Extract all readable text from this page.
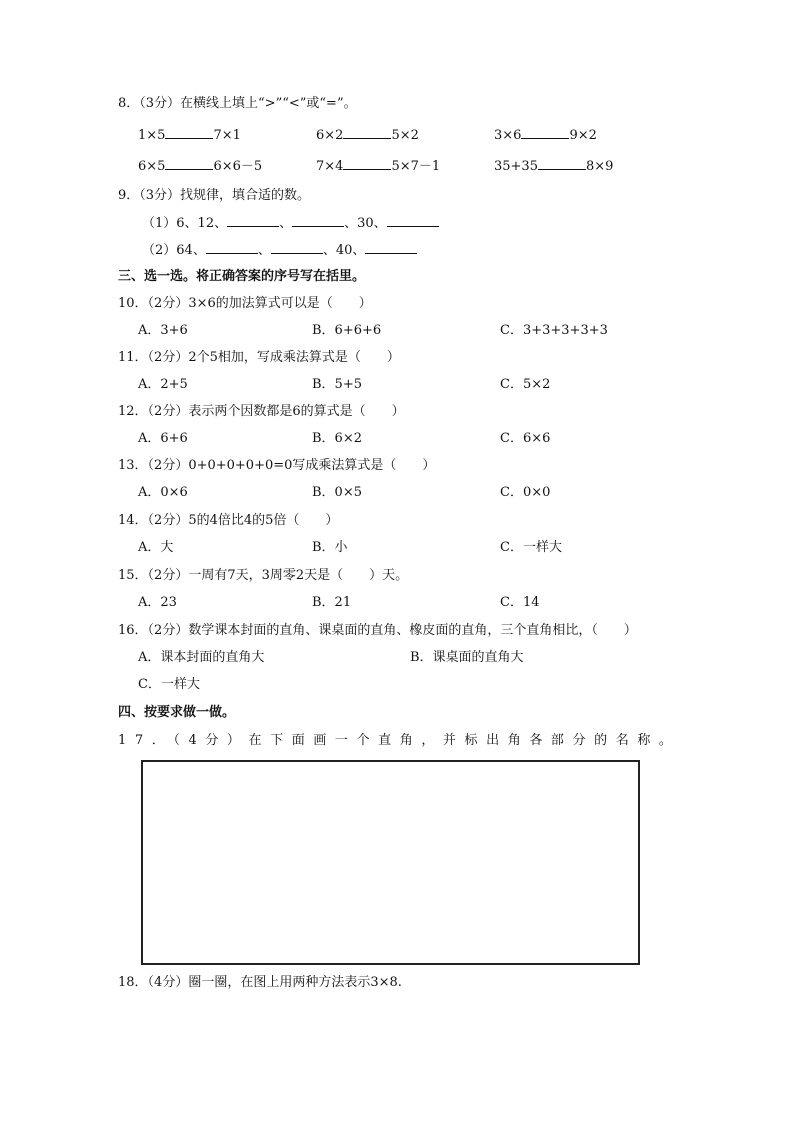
8．（3分）在横线上填上“>”“<”或“=”。
1×5	7×1	6×2	5×2	3×6	9×2
6×5	6×6－5	7×4	5×7－1	35+35	8×9
9．（3分）找规律，填合适的数。
（1）6、12、	、	、30、
（2）64、	、	、40、
三、选一选。将正确答案的序号写在括里。
10．（2分）3×6的加法算式可以是（　　）
A．3+6	B．6+6+6	C．3+3+3+3+3
11．（2分）2个5相加，写成乘法算式是（　　）
A．2+5	B．5+5	C．5×2
12．（2分）表示两个因数都是6的算式是（　　）
A．6+6	B．6×2	C．6×6
13．（2分）0+0+0+0+0=0写成乘法算式是（　　）
A．0×6	B．0×5	C．0×0
14．（2分）5的4倍比4的5倍（　　）
A．大	B．小	C．一样大
15．（2分）一周有7天，3周零2天是（　　）天。
A．23	B．21	C．14
16．（2分）数学课本封面的直角、课桌面的直角、橡皮面的直角，三个直角相比，（　　）
A．课本封面的直角大	B．课桌面的直角大
C．一样大
四、按要求做一做。
17．（4分）在下面画一个直角，并标出角各部分的名称。
18．（4分）圈一圈，在图上用两种方法表示3×8.
